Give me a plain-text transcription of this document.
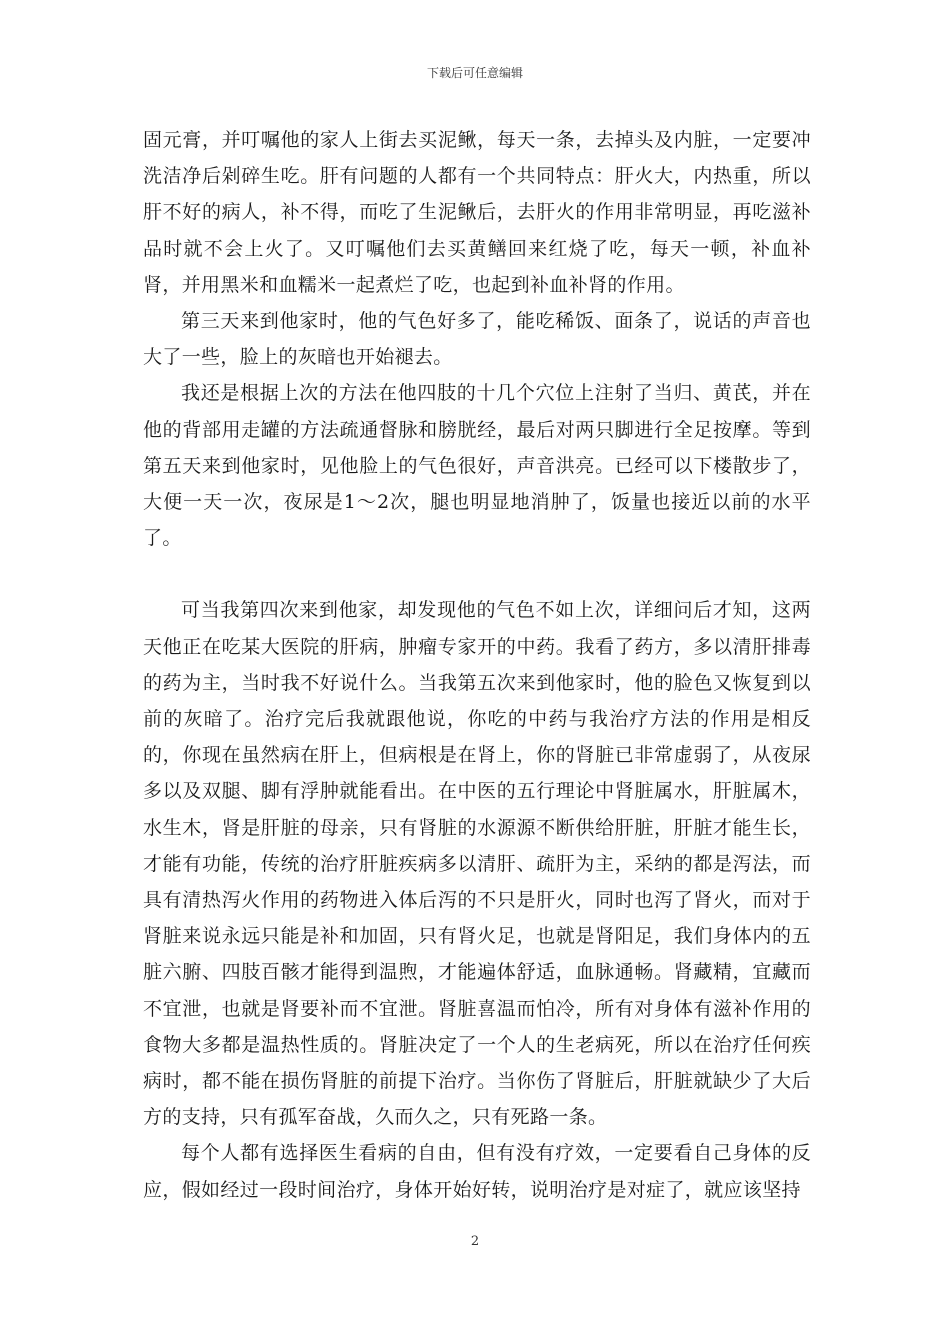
下载后可任意编辑

固元膏，并叮嘱他的家人上街去买泥鳅，每天一条，去掉头及内脏，一定要冲洗洁净后剁碎生吃。肝有问题的人都有一个共同特点：肝火大，内热重，所以肝不好的病人，补不得，而吃了生泥鳅后，去肝火的作用非常明显，再吃滋补品时就不会上火了。又叮嘱他们去买黄鳝回来红烧了吃，每天一顿，补血补肾，并用黑米和血糯米一起煮烂了吃，也起到补血补肾的作用。

第三天来到他家时，他的气色好多了，能吃稀饭、面条了，说话的声音也大了一些，脸上的灰暗也开始褪去。

我还是根据上次的方法在他四肢的十几个穴位上注射了当归、黄芪，并在他的背部用走罐的方法疏通督脉和膀胱经，最后对两只脚进行全足按摩。等到第五天来到他家时，见他脸上的气色很好，声音洪亮。已经可以下楼散步了，大便一天一次，夜尿是1～2次，腿也明显地消肿了，饭量也接近以前的水平了。

可当我第四次来到他家，却发现他的气色不如上次，详细问后才知，这两天他正在吃某大医院的肝病，肿瘤专家开的中药。我看了药方，多以清肝排毒的药为主，当时我不好说什么。当我第五次来到他家时，他的脸色又恢复到以前的灰暗了。治疗完后我就跟他说，你吃的中药与我治疗方法的作用是相反的，你现在虽然病在肝上，但病根是在肾上，你的肾脏已非常虚弱了，从夜尿多以及双腿、脚有浮肿就能看出。在中医的五行理论中肾脏属水，肝脏属木，水生木，肾是肝脏的母亲，只有肾脏的水源源不断供给肝脏，肝脏才能生长，才能有功能，传统的治疗肝脏疾病多以清肝、疏肝为主，采纳的都是泻法，而具有清热泻火作用的药物进入体后泻的不只是肝火，同时也泻了肾火，而对于肾脏来说永远只能是补和加固，只有肾火足，也就是肾阳足，我们身体内的五脏六腑、四肢百骸才能得到温煦，才能遍体舒适，血脉通畅。肾藏精，宜藏而不宜泄，也就是肾要补而不宜泄。肾脏喜温而怕冷，所有对身体有滋补作用的食物大多都是温热性质的。肾脏决定了一个人的生老病死，所以在治疗任何疾病时，都不能在损伤肾脏的前提下治疗。当你伤了肾脏后，肝脏就缺少了大后方的支持，只有孤军奋战，久而久之，只有死路一条。

每个人都有选择医生看病的自由，但有没有疗效，一定要看自己身体的反应，假如经过一段时间治疗，身体开始好转，说明治疗是对症了，就应该坚持

2
